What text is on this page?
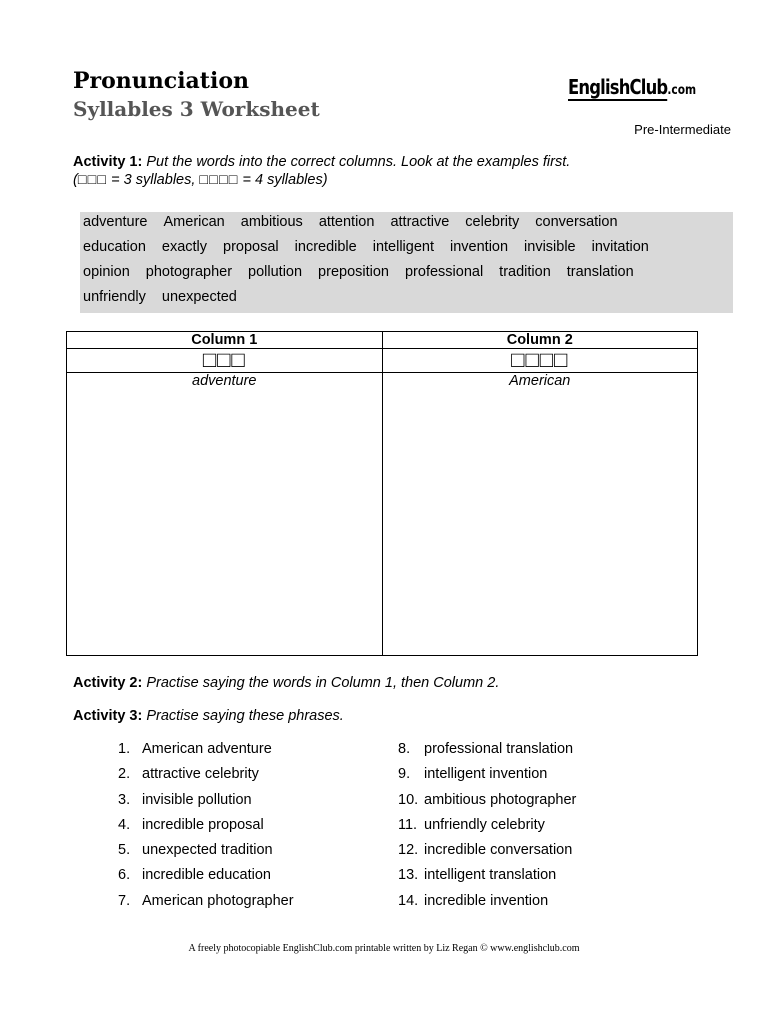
Pronunciation
Syllables 3 Worksheet
EnglishClub.com
Pre-Intermediate
Activity 1: Put the words into the correct columns. Look at the examples first.
(□□□ = 3 syllables, □□□□ = 4 syllables)
adventure American ambitious attention attractive celebrity conversation
education exactly proposal incredible intelligent invention invisible invitation
opinion photographer pollution preposition professional tradition translation
unfriendly unexpected
Column 1	Column 2
□□□	□□□□
adventure	American
Activity 2: Practise saying the words in Column 1, then Column 2.
Activity 3: Practise saying these phrases.
1. American adventure
2. attractive celebrity
3. invisible pollution
4. incredible proposal
5. unexpected tradition
6. incredible education
7. American photographer
8. professional translation
9. intelligent invention
10. ambitious photographer
11. unfriendly celebrity
12. incredible conversation
13. intelligent translation
14. incredible invention
A freely photocopiable EnglishClub.com printable written by Liz Regan © www.englishclub.com
